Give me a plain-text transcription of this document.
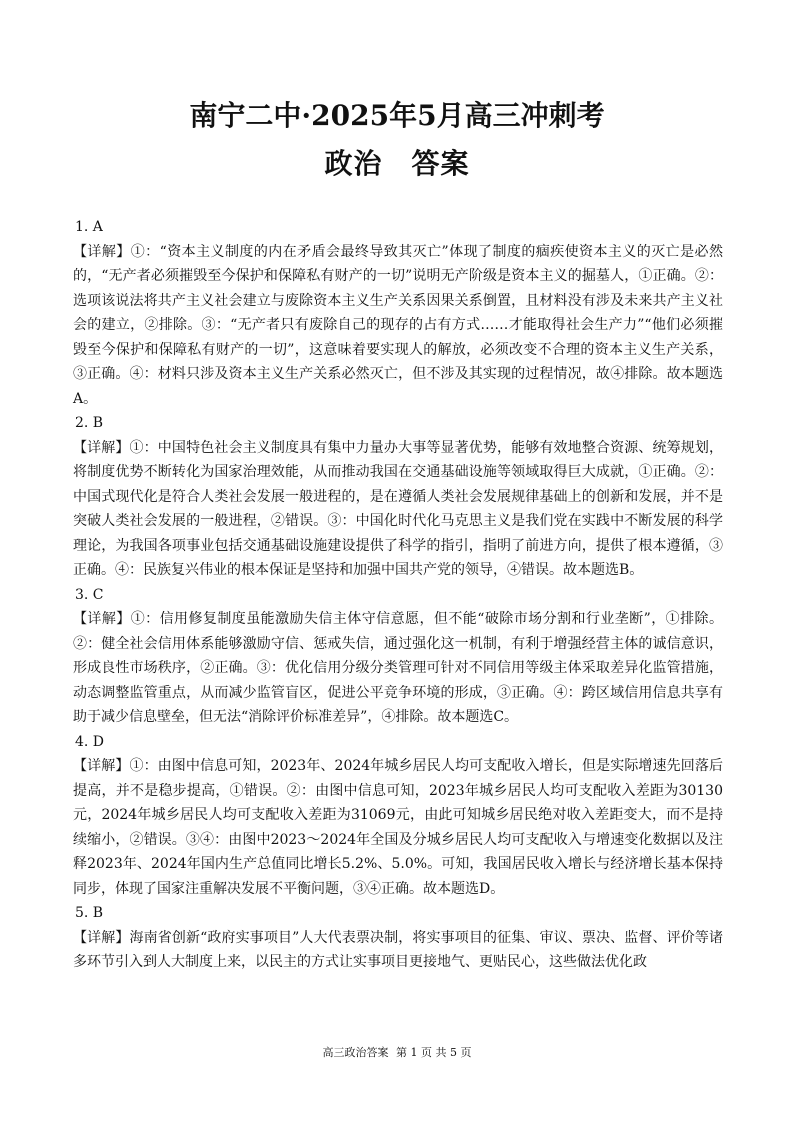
南宁二中·2025年5月高三冲刺考
政治　答案

1. A

【详解】①：“资本主义制度的内在矛盾会最终导致其灭亡”体现了制度的痼疾使资本主义的灭亡是必然的，“无产者必须摧毁至今保护和保障私有财产的一切”说明无产阶级是资本主义的掘墓人，①正确。②：选项该说法将共产主义社会建立与废除资本主义生产关系因果关系倒置，且材料没有涉及未来共产主义社会的建立，②排除。③：“无产者只有废除自己的现存的占有方式……才能取得社会生产力”“他们必须摧毁至今保护和保障私有财产的一切”，这意味着要实现人的解放，必须改变不合理的资本主义生产关系，③正确。④：材料只涉及资本主义生产关系必然灭亡，但不涉及其实现的过程情况，故④排除。故本题选A。

2. B

【详解】①：中国特色社会主义制度具有集中力量办大事等显著优势，能够有效地整合资源、统筹规划，将制度优势不断转化为国家治理效能，从而推动我国在交通基础设施等领域取得巨大成就，①正确。②：中国式现代化是符合人类社会发展一般进程的，是在遵循人类社会发展规律基础上的创新和发展，并不是突破人类社会发展的一般进程，②错误。③：中国化时代化马克思主义是我们党在实践中不断发展的科学理论，为我国各项事业包括交通基础设施建设提供了科学的指引，指明了前进方向，提供了根本遵循，③正确。④：民族复兴伟业的根本保证是坚持和加强中国共产党的领导，④错误。故本题选B。

3. C

【详解】①：信用修复制度虽能激励失信主体守信意愿，但不能“破除市场分割和行业垄断”，①排除。②：健全社会信用体系能够激励守信、惩戒失信，通过强化这一机制，有利于增强经营主体的诚信意识，形成良性市场秩序，②正确。③：优化信用分级分类管理可针对不同信用等级主体采取差异化监管措施，动态调整监管重点，从而减少监管盲区，促进公平竞争环境的形成，③正确。④：跨区域信用信息共享有助于减少信息壁垒，但无法“消除评价标准差异”，④排除。故本题选C。

4. D

【详解】①：由图中信息可知，2023年、2024年城乡居民人均可支配收入增长，但是实际增速先回落后提高，并不是稳步提高，①错误。②：由图中信息可知，2023年城乡居民人均可支配收入差距为30130元，2024年城乡居民人均可支配收入差距为31069元，由此可知城乡居民绝对收入差距变大，而不是持续缩小，②错误。③④：由图中2023～2024年全国及分城乡居民人均可支配收入与增速变化数据以及注释2023年、2024年国内生产总值同比增长5.2%、5.0%。可知，我国居民收入增长与经济增长基本保持同步，体现了国家注重解决发展不平衡问题，③④正确。故本题选D。

5. B

【详解】海南省创新“政府实事项目”人大代表票决制，将实事项目的征集、审议、票决、监督、评价等诸多环节引入到人大制度上来，以民主的方式让实事项目更接地气、更贴民心，这些做法优化政

高三政治答案 第 1 页 共 5 页
